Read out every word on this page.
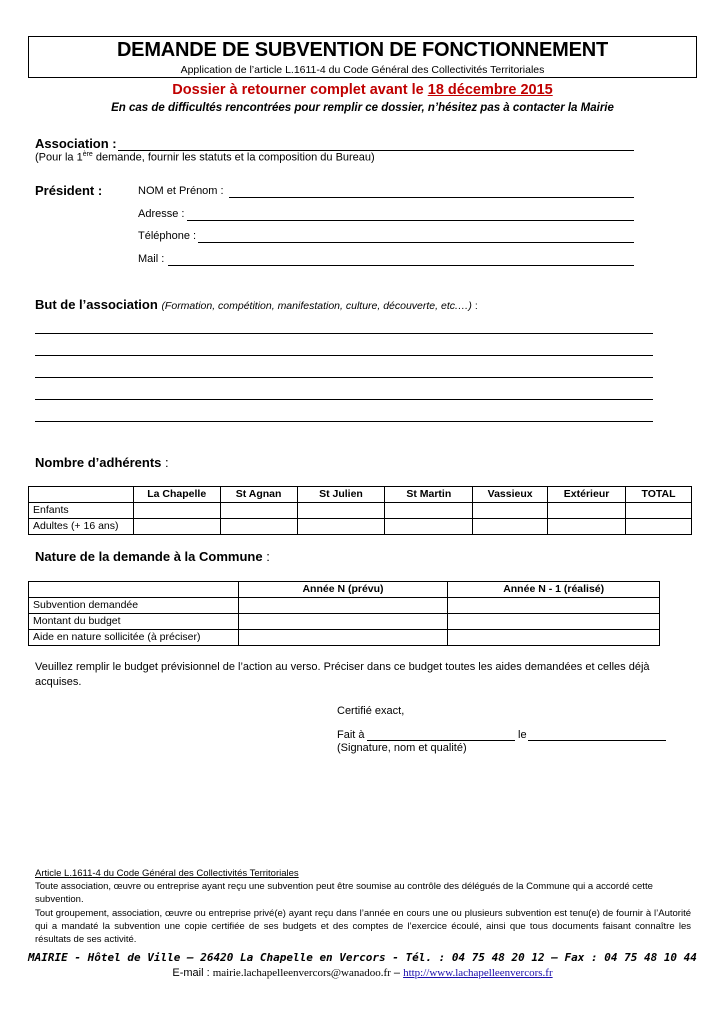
DEMANDE DE SUBVENTION DE FONCTIONNEMENT
Application de l’article L.1611-4 du Code Général des Collectivités Territoriales
Dossier à retourner complet avant le 18 décembre 2015
En cas de difficultés rencontrées pour remplir ce dossier, n’hésitez pas à contacter la Mairie
Association :
(Pour la 1ère demande, fournir les statuts et la composition du Bureau)
Président :	NOM et Prénom :
Adresse :
Téléphone :
Mail :
But de l’association (Formation, compétition, manifestation, culture, découverte, etc.…) :
Nombre d’adhérents :
	La Chapelle	St Agnan	St Julien	St Martin	Vassieux	Extérieur	TOTAL
Enfants							
Adultes (+ 16 ans)							
Nature de la demande à la Commune :
	Année N (prévu)	Année N - 1 (réalisé)
Subvention demandée		
Montant du budget		
Aide en nature sollicitée (à préciser)		
Veuillez remplir le budget prévisionnel de l’action au verso. Préciser dans ce budget toutes les aides demandées et celles déjà acquises.
Certifié exact,
Fait à	le
(Signature, nom et qualité)
Article L.1611-4 du Code Général des Collectivités Territoriales
Toute association, œuvre ou entreprise ayant reçu une subvention peut être soumise au contrôle des délégués de la Commune qui a accordé cette subvention.
Tout groupement, association, œuvre ou entreprise privé(e) ayant reçu dans l’année en cours une ou plusieurs subvention est tenu(e) de fournir à l’Autorité qui a mandaté la subvention une copie certifiée de ses budgets et des comptes de l’exercice écoulé, ainsi que tous documents faisant connaître les résultats de ses activité.
MAIRIE - Hôtel de Ville – 26420 La Chapelle en Vercors - Tél. : 04 75 48 20 12 – Fax : 04 75 48 10 44
E-mail : mairie.lachapelleenvercors@wanadoo.fr – http://www.lachapelleenvercors.fr
